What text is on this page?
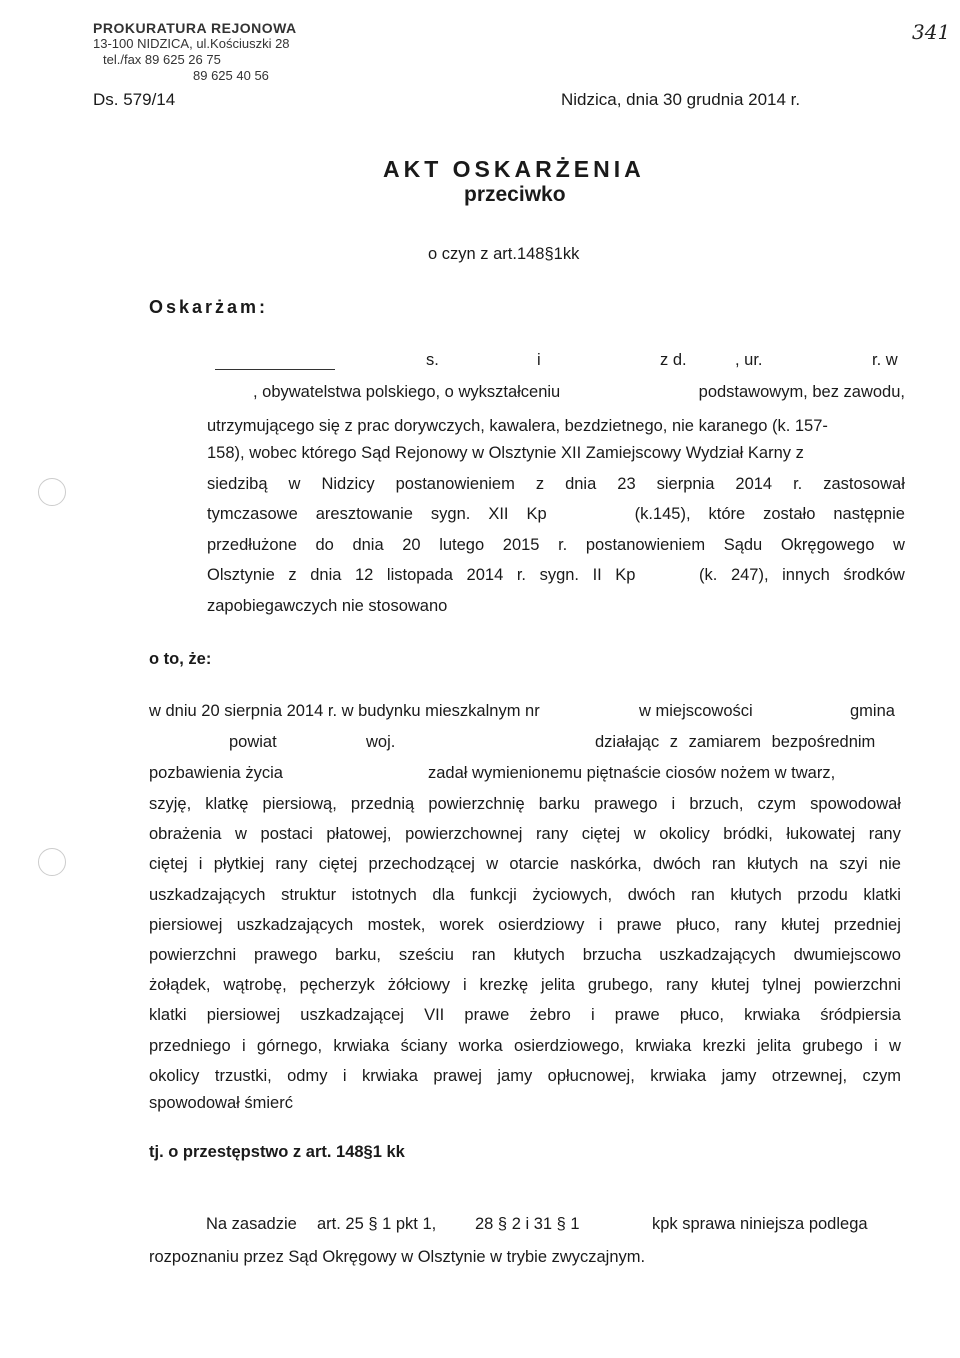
PROKURATURA REJONOWA
13-100 NIDZICA, ul.Kościuszki 28
tel./fax 89 625 26 75
89 625 40 56
Ds. 579/14	Nidzica, dnia 30 grudnia 2014 r.
341
AKT OSKARŻENIA
przeciwko
o czyn z art.148§1kk
Oskarżam:
s.	i	z d.	, ur.	r. w
, obywatelstwa polskiego, o wykształceniu	podstawowym, bez zawodu,
utrzymującego się z prac dorywczych, kawalera, bezdzietnego, nie karanego (k. 157-
158), wobec którego Sąd Rejonowy w Olsztynie XII Zamiejscowy Wydział Karny z
siedzibą w Nidzicy postanowieniem z dnia 23 sierpnia 2014 r. zastosował
tymczasowe aresztowanie sygn. XII Kp	(k.145), które zostało następnie
przedłużone do dnia 20 lutego 2015 r. postanowieniem Sądu Okręgowego w
Olsztynie z dnia 12 listopada 2014 r. sygn. II Kp	(k. 247), innych środków
zapobiegawczych nie stosowano
o to, że:
w dniu 20 sierpnia 2014 r. w budynku mieszkalnym nr	w miejscowości	gmina
powiat	woj.	działając z zamiarem bezpośrednim
pozbawienia życia	zadał wymienionemu piętnaście ciosów nożem w twarz,
szyję, klatkę piersiową, przednią powierzchnię barku prawego i brzuch, czym spowodował
obrażenia w postaci płatowej, powierzchownej rany ciętej w okolicy bródki, łukowatej rany
ciętej i płytkiej rany ciętej przechodzącej w otarcie naskórka, dwóch ran kłutych na szyi nie
uszkadzających struktur istotnych dla funkcji życiowych, dwóch ran kłutych przodu klatki
piersiowej uszkadzających mostek, worek osierdziowy i prawe płuco, rany kłutej przedniej
powierzchni prawego barku, sześciu ran kłutych brzucha uszkadzających dwumiejscowo
żołądek, wątrobę, pęcherzyk żółciowy i krezkę jelita grubego, rany kłutej tylnej powierzchni
klatki piersiowej uszkadzającej VII prawe żebro i prawe płuco, krwiaka śródpiersia
przedniego i górnego, krwiaka ściany worka osierdziowego, krwiaka krezki jelita grubego i w
okolicy trzustki, odmy i krwiaka prawej jamy opłucnowej, krwiaka jamy otrzewnej, czym
spowodował śmierć
tj. o przestępstwo z art. 148§1 kk
Na zasadzie art. 25 § 1 pkt 1, 28 § 2 i 31 § 1	kpk sprawa niniejsza podlega
rozpoznaniu przez Sąd Okręgowy w Olsztynie w trybie zwyczajnym.
